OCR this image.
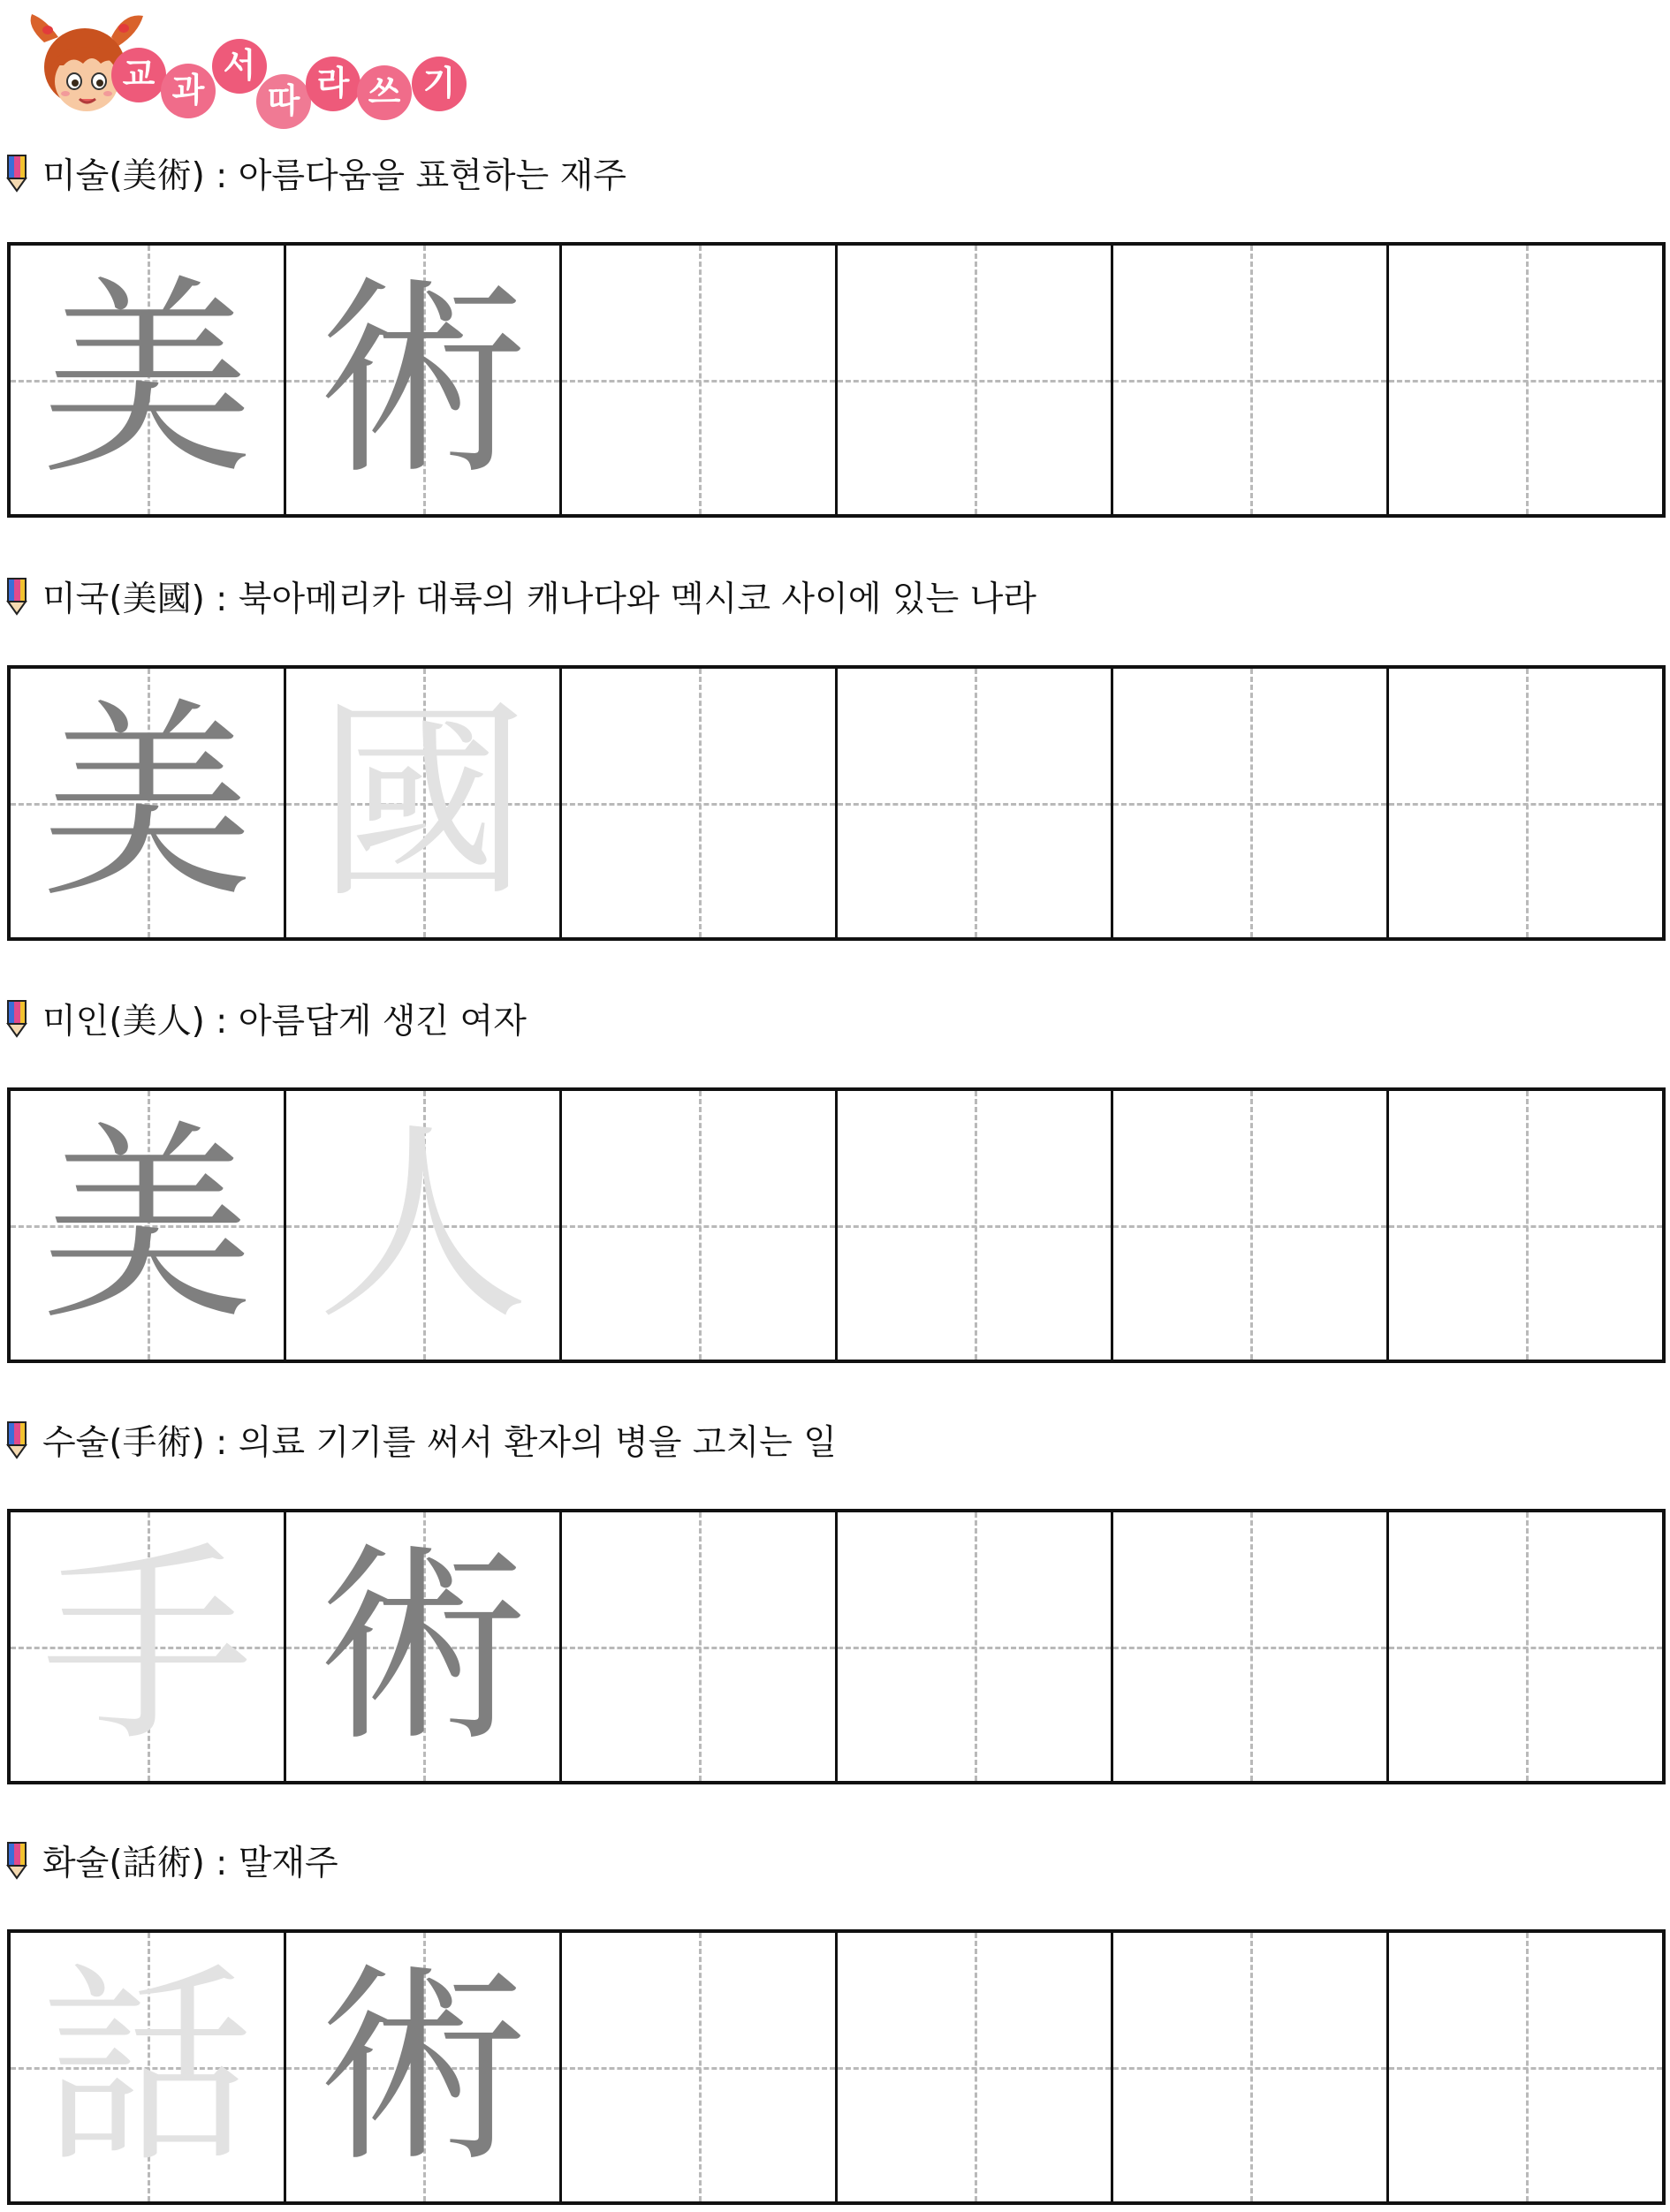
교 과
서
따 라 쓰 기
미술(美術) : 아름다움을 표현하는 재주
美 術
미국(美國) : 북아메리카 대륙의 캐나다와 멕시코 사이에 있는 나라
美 國
미인(美人) : 아름답게 생긴 여자
美 人
수술(手術) : 의료 기기를 써서 환자의 병을 고치는 일
手 術
화술(話術) : 말재주
話 術
